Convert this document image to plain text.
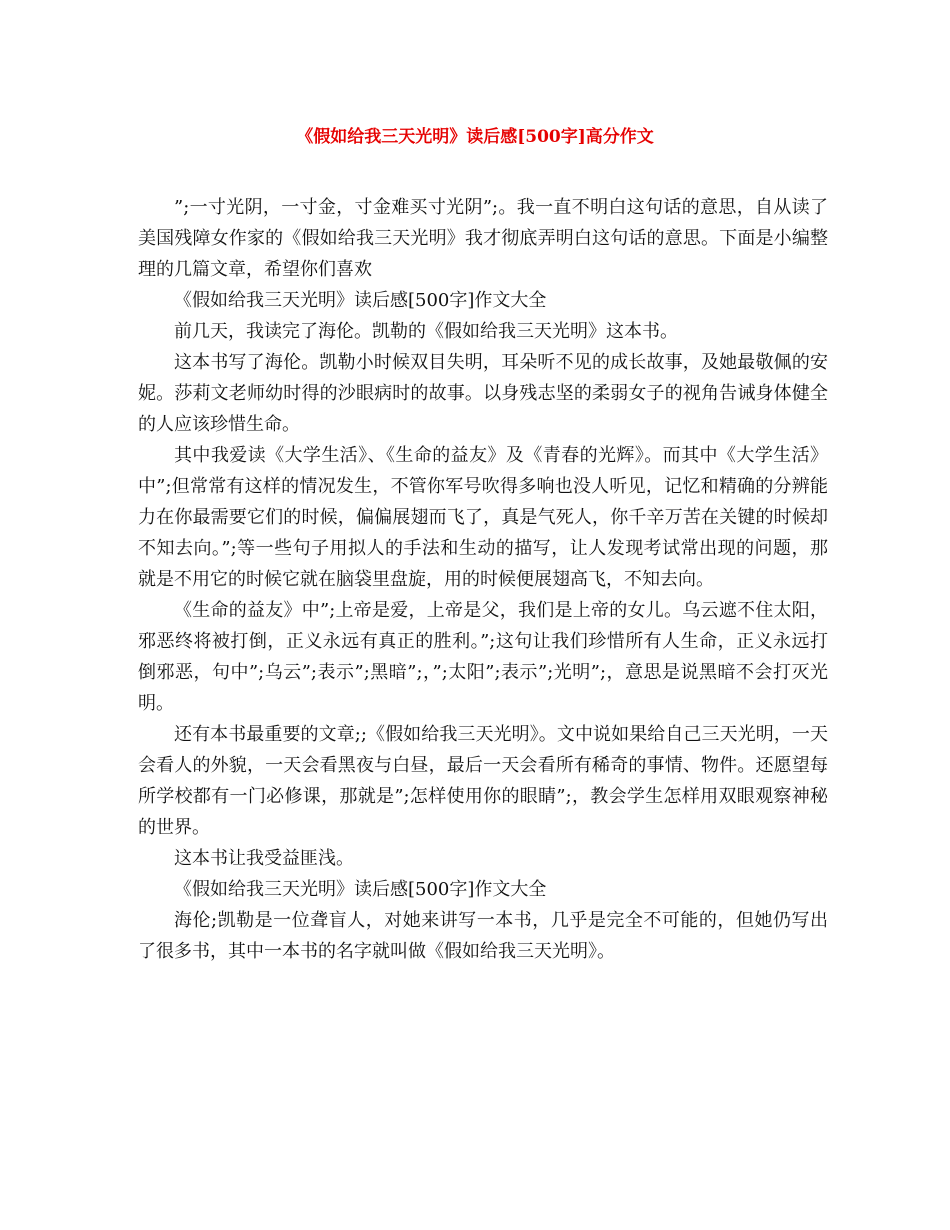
《假如给我三天光明》读后感[500字]高分作文

”;一寸光阴，一寸金，寸金难买寸光阴”;。我一直不明白这句话的意思，自从读了美国残障女作家的《假如给我三天光明》我才彻底弄明白这句话的意思。下面是小编整理的几篇文章，希望你们喜欢

《假如给我三天光明》读后感[500字]作文大全

前几天，我读完了海伦。凯勒的《假如给我三天光明》这本书。

这本书写了海伦。凯勒小时候双目失明，耳朵听不见的成长故事，及她最敬佩的安妮。莎莉文老师幼时得的沙眼病时的故事。以身残志坚的柔弱女子的视角告诫身体健全的人应该珍惜生命。

其中我爱读《大学生活》、《生命的益友》及《青春的光辉》。而其中《大学生活》中”;但常常有这样的情况发生，不管你军号吹得多响也没人听见，记忆和精确的分辨能力在你最需要它们的时候，偏偏展翅而飞了，真是气死人，你千辛万苦在关键的时候却不知去向。”;等一些句子用拟人的手法和生动的描写，让人发现考试常出现的问题，那就是不用它的时候它就在脑袋里盘旋，用的时候便展翅高飞，不知去向。

《生命的益友》中”;上帝是爱，上帝是父，我们是上帝的女儿。乌云遮不住太阳，邪恶终将被打倒，正义永远有真正的胜利。”;这句让我们珍惜所有人生命，正义永远打倒邪恶，句中”;乌云”;表示”;黑暗”;，”;太阳”;表示”;光明”;，意思是说黑暗不会打灭光明。

还有本书最重要的文章;;《假如给我三天光明》。文中说如果给自己三天光明，一天会看人的外貌，一天会看黑夜与白昼，最后一天会看所有稀奇的事情、物件。还愿望每所学校都有一门必修课，那就是”;怎样使用你的眼睛”;，教会学生怎样用双眼观察神秘的世界。

这本书让我受益匪浅。

《假如给我三天光明》读后感[500字]作文大全

海伦;凯勒是一位聋盲人，对她来讲写一本书，几乎是完全不可能的，但她仍写出了很多书，其中一本书的名字就叫做《假如给我三天光明》。
